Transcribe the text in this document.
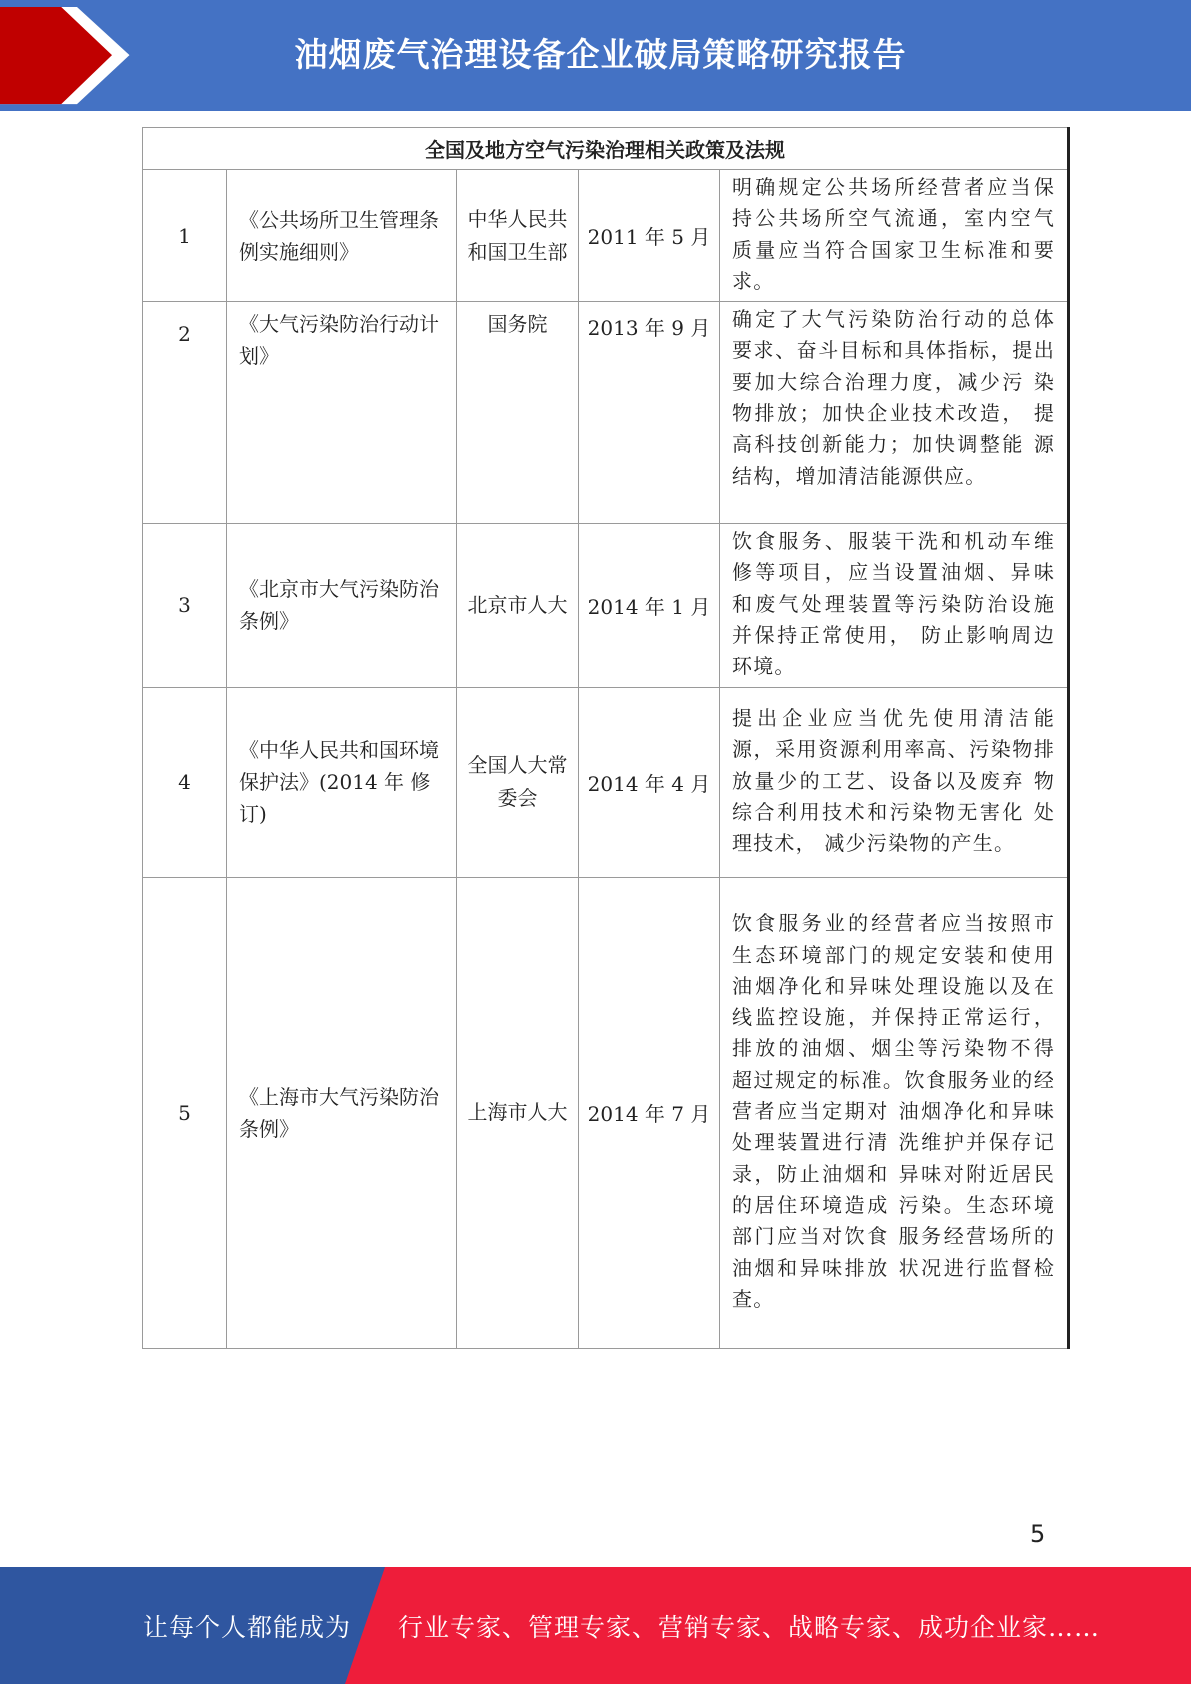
油烟废气治理设备企业破局策略研究报告
全国及地方空气污染治理相关政策及法规				
1	《公共场所卫生管理条例实施细则》	中华人民共和国卫生部	2011 年 5 月	明确规定公共场所经营者应当保 持公共场所空气流通，室内空气 质量应当符合国家卫生标准和要 求。

2	《大气污染防治行动计划》	国务院	2013 年 9 月	确定了大气污染防治行动的总体 要求、奋斗目标和具体指标，提出要加大综合治理力度，减少污 染物排放；加快企业技术改造， 提高科技创新能力；加快调整能 源结构，增加清洁能源供应。

3	《北京市大气污染防治条例》	北京市人大	2014 年 1 月	饮食服务、服装干洗和机动车维 修等项目，应当设置油烟、异味 和废气处理装置等污染防治设施 并保持正常使用， 防止影响周边 环境。

4	《中华人民共和国环境保护法》(2014 年 修订)	全国人大常委会	2014 年 4 月	提出企业应当优先使用清洁能 源，采用资源利用率高、污染物排放量少的工艺、设备以及废弃 物综合利用技术和污染物无害化 处理技术， 减少污染物的产生。

5	《上海市大气污染防治条例》	上海市人大	2014 年 7 月	饮食服务业的经营者应当按照市 生态环境部门的规定安装和使用 油烟净化和异味处理设施以及在 线监控设施，并保持正常运行， 排放的油烟、烟尘等污染物不得 超过规定的标准。饮食服务业的经营者应当定期对 油烟净化和异味处理装置进行清 洗维护并保存记录，防止油烟和 异味对附近居民的居住环境造成 污染。生态环境部门应当对饮食 服务经营场所的油烟和异味排放 状况进行监督检查。
5
让每个人都能成为 行业专家、管理专家、营销专家、战略专家、成功企业家……
